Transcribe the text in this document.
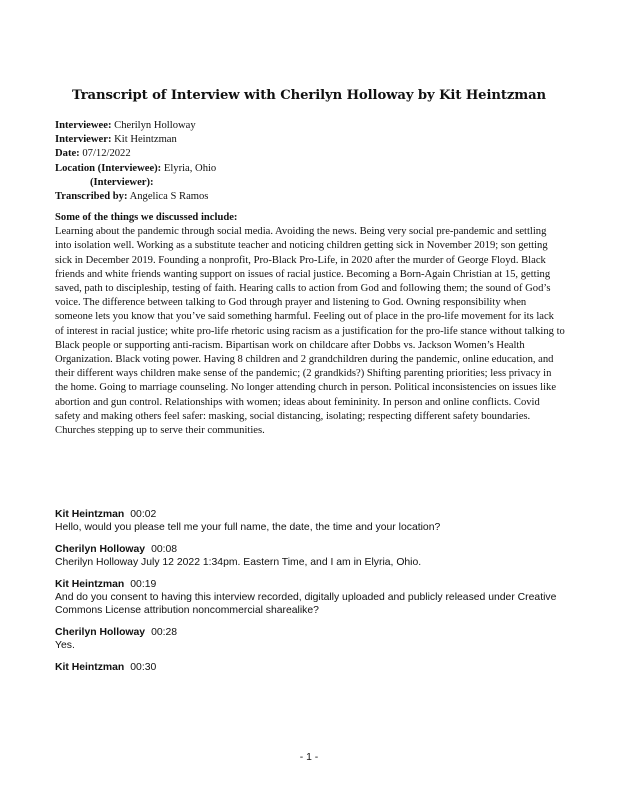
Transcript of Interview with Cherilyn Holloway by Kit Heintzman
Interviewee: Cherilyn Holloway
Interviewer: Kit Heintzman
Date: 07/12/2022
Location (Interviewee): Elyria, Ohio
(Interviewer):
Transcribed by: Angelica S Ramos
Some of the things we discussed include:
Learning about the pandemic through social media. Avoiding the news. Being very social pre-pandemic and settling into isolation well. Working as a substitute teacher and noticing children getting sick in November 2019; son getting sick in December 2019. Founding a nonprofit, Pro-Black Pro-Life, in 2020 after the murder of George Floyd. Black friends and white friends wanting support on issues of racial justice. Becoming a Born-Again Christian at 15, getting saved, path to discipleship, testing of faith. Hearing calls to action from God and following them; the sound of God’s voice. The difference between talking to God through prayer and listening to God. Owning responsibility when someone lets you know that you’ve said something harmful. Feeling out of place in the pro-life movement for its lack of interest in racial justice; white pro-life rhetoric using racism as a justification for the pro-life stance without talking to Black people or supporting anti-racism. Bipartisan work on childcare after Dobbs vs. Jackson Women’s Health Organization. Black voting power. Having 8 children and 2 grandchildren during the pandemic, online education, and their different ways children make sense of the pandemic; (2 grandkids?) Shifting parenting priorities; less privacy in the home. Going to marriage counseling. No longer attending church in person. Political inconsistencies on issues like abortion and gun control. Relationships with women; ideas about femininity. In person and online conflicts. Covid safety and making others feel safer: masking, social distancing, isolating; respecting different safety boundaries. Churches stepping up to serve their communities.
Kit Heintzman 00:02
Hello, would you please tell me your full name, the date, the time and your location?
Cherilyn Holloway 00:08
Cherilyn Holloway July 12 2022 1:34pm. Eastern Time, and I am in Elyria, Ohio.
Kit Heintzman 00:19
And do you consent to having this interview recorded, digitally uploaded and publicly released under Creative Commons License attribution noncommercial sharealike?
Cherilyn Holloway 00:28
Yes.
Kit Heintzman 00:30
- 1 -
